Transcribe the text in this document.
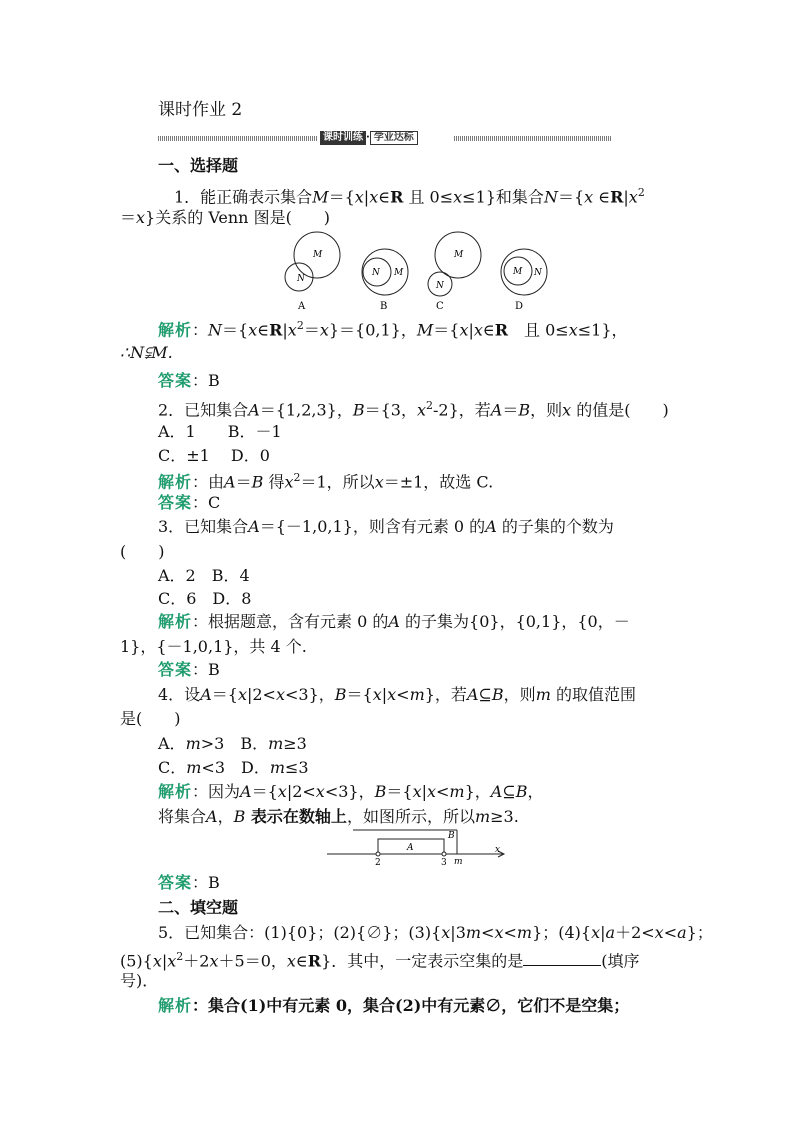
课时作业 2
课时训练 · 学业达标
一、选择题
1．能正确表示集合M＝{x|x∈R 且 0≤x≤1}和集合N＝{x $\in R|x^2$
＝x}关系的 Venn 图是(　　)
M
N
A
N M
B
M
N
C
M N
D
解析：$N=\{x\in R|x^2=x\}=\{0,1\}$，M＝{x|x∈R　且 0≤x≤1}，
∴N⫋M.
答案：B
2．已知集合A＝{1,2,3}，B＝{3，$x^2-2$}，若A＝B，则x 的值是(　　)
A．1　　B．－1
C．±1　 D．0
解析：由A＝B 得$x^2=1$，所以x＝±1，故选 C.
答案：C
3．已知集合A＝{－1,0,1}，则含有元素 0 的A 的子集的个数为
(　　)
A．2　B．4
C．6　D．8
解析：根据题意，含有元素 0 的A 的子集为{0}，{0,1}，{0，－
1}，{－1,0,1}，共 4 个.
答案：B
4．设A＝{x|2<x<3}，B＝{x|x<m}，若A⊆B，则m 的取值范围
是(　　)
A．m>3　B．m≥3
C．m<3　D．m≤3
解析：因为A＝{x|2<x<3}，B＝{x|x<m}，A⊆B，
将集合A，B 表示在数轴上，如图所示，所以m≥3.
A
B
2	3 m
x
答案：B
二、填空题
5．已知集合：(1){0}；(2){∅}；(3){x|3m<x<m}；(4){x|a＋2<x<a}；
$(5)\{x|x^2+2x+5=0$，x∈R}．其中，一定表示空集的是	(填序
号)．
解析：集合(1)中有元素 0，集合(2)中有元素∅，它们不是空集；
